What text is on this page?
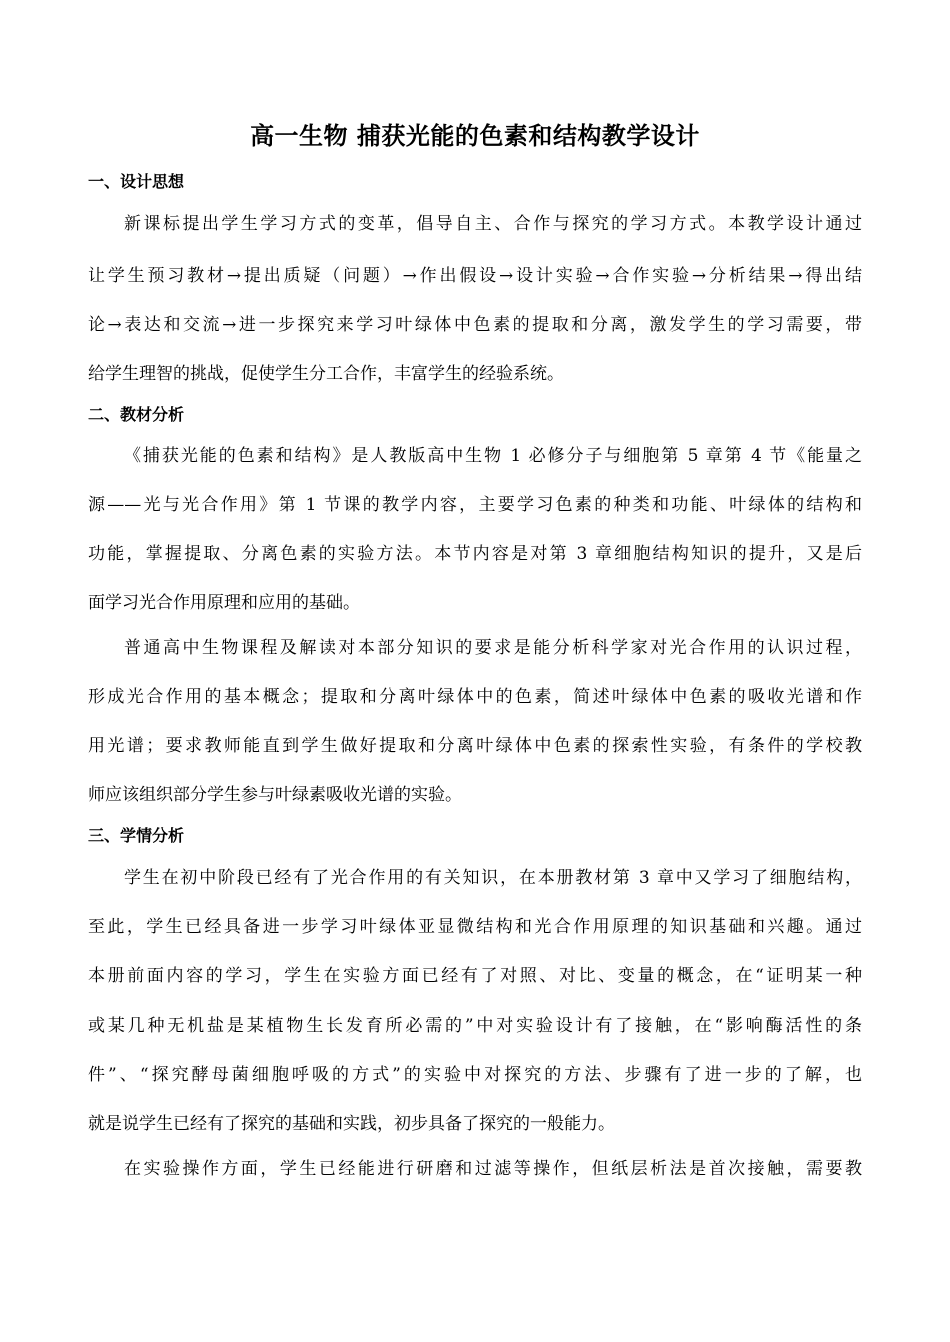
高一生物 捕获光能的色素和结构教学设计
一、设计思想
新课标提出学生学习方式的变革，倡导自主、合作与探究的学习方式。本教学设计通过
让学生预习教材→提出质疑（问题）→作出假设→设计实验→合作实验→分析结果→得出结
论→表达和交流→进一步探究来学习叶绿体中色素的提取和分离，激发学生的学习需要，带
给学生理智的挑战，促使学生分工合作，丰富学生的经验系统。
二、教材分析
《捕获光能的色素和结构》是人教版高中生物 1 必修分子与细胞第 5 章第 4 节《能量之
源——光与光合作用》第 1 节课的教学内容，主要学习色素的种类和功能、叶绿体的结构和
功能，掌握提取、分离色素的实验方法。本节内容是对第 3 章细胞结构知识的提升，又是后
面学习光合作用原理和应用的基础。
普通高中生物课程及解读对本部分知识的要求是能分析科学家对光合作用的认识过程，
形成光合作用的基本概念；提取和分离叶绿体中的色素，简述叶绿体中色素的吸收光谱和作
用光谱；要求教师能直到学生做好提取和分离叶绿体中色素的探索性实验，有条件的学校教
师应该组织部分学生参与叶绿素吸收光谱的实验。
三、学情分析
学生在初中阶段已经有了光合作用的有关知识，在本册教材第 3 章中又学习了细胞结构，
至此，学生已经具备进一步学习叶绿体亚显微结构和光合作用原理的知识基础和兴趣。通过
本册前面内容的学习，学生在实验方面已经有了对照、对比、变量的概念，在“证明某一种
或某几种无机盐是某植物生长发育所必需的”中对实验设计有了接触，在“影响酶活性的条
件”、“探究酵母菌细胞呼吸的方式”的实验中对探究的方法、步骤有了进一步的了解，也
就是说学生已经有了探究的基础和实践，初步具备了探究的一般能力。
在实验操作方面，学生已经能进行研磨和过滤等操作，但纸层析法是首次接触，需要教
